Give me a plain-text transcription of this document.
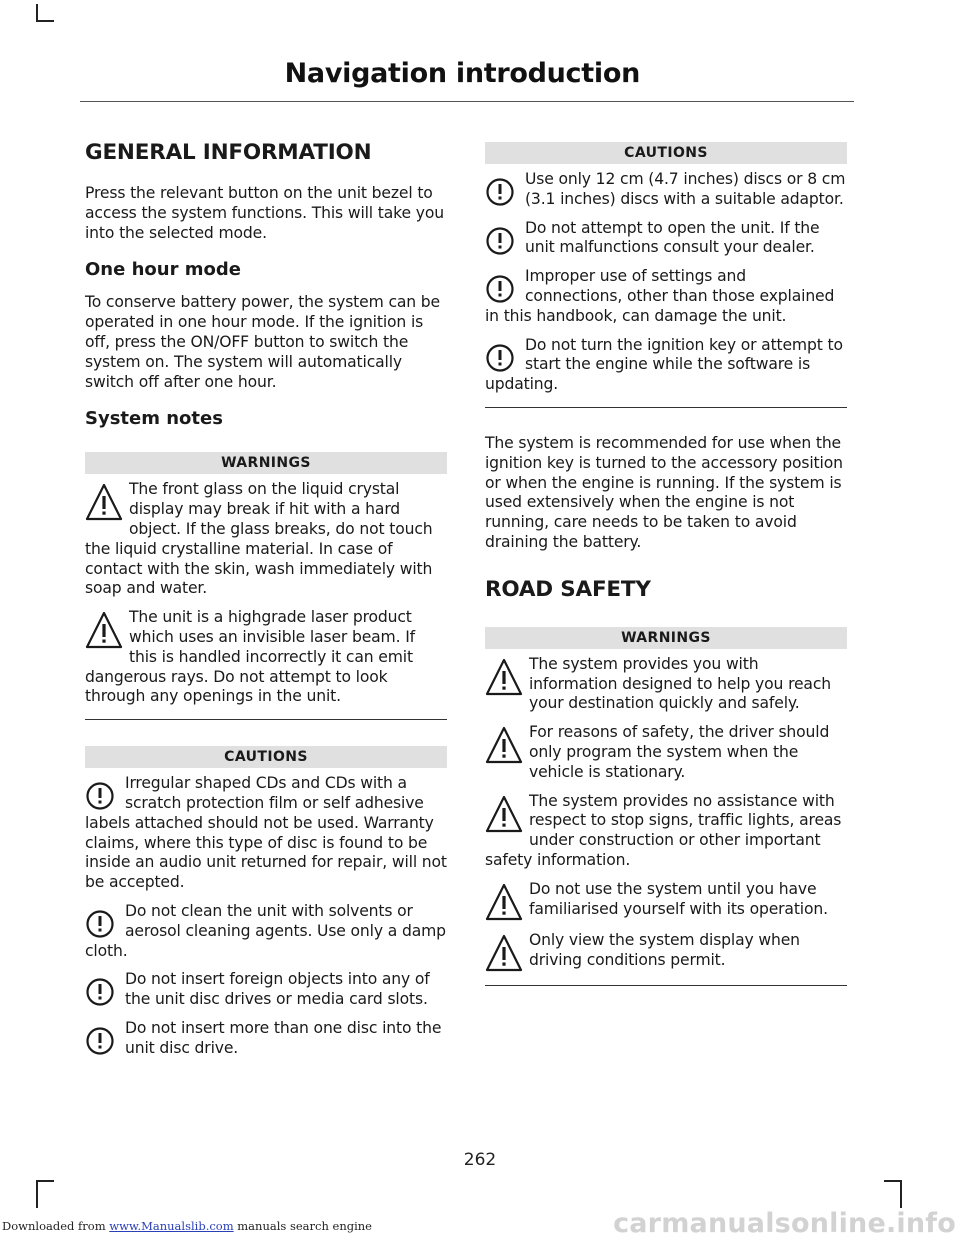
Navigation introduction
GENERAL INFORMATION

Press the relevant button on the unit bezel to access the system functions. This will take you into the selected mode.

One hour mode

To conserve battery power, the system can be operated in one hour mode. If the ignition is off, press the ON/OFF button to switch the system on. The system will automatically switch off after one hour.

System notes
WARNINGS
The front glass on the liquid crystal display may break if hit with a hard object. If the glass breaks, do not touch the liquid crystalline material. In case of contact with the skin, wash immediately with soap and water.
The unit is a highgrade laser product which uses an invisible laser beam. If this is handled incorrectly it can emit dangerous rays. Do not attempt to look through any openings in the unit.
CAUTIONS
Irregular shaped CDs and CDs with a scratch protection film or self adhesive labels attached should not be used. Warranty claims, where this type of disc is found to be inside an audio unit returned for repair, will not be accepted.
Do not clean the unit with solvents or aerosol cleaning agents. Use only a damp cloth.
Do not insert foreign objects into any of the unit disc drives or media card slots.
Do not insert more than one disc into the unit disc drive.
CAUTIONS
Use only 12 cm (4.7 inches) discs or 8 cm (3.1 inches) discs with a suitable adaptor.
Do not attempt to open the unit. If the unit malfunctions consult your dealer.
Improper use of settings and connections, other than those explained in this handbook, can damage the unit.
Do not turn the ignition key or attempt to start the engine while the software is updating.

The system is recommended for use when the ignition key is turned to the accessory position or when the engine is running. If the system is used extensively when the engine is not running, care needs to be taken to avoid draining the battery.

ROAD SAFETY
WARNINGS
The system provides you with information designed to help you reach your destination quickly and safely.
For reasons of safety, the driver should only program the system when the vehicle is stationary.
The system provides no assistance with respect to stop signs, traffic lights, areas under construction or other important safety information.
Do not use the system until you have familiarised yourself with its operation.
Only view the system display when driving conditions permit.
262
Downloaded from www.Manualslib.com manuals search engine	carmanualsonline.info
